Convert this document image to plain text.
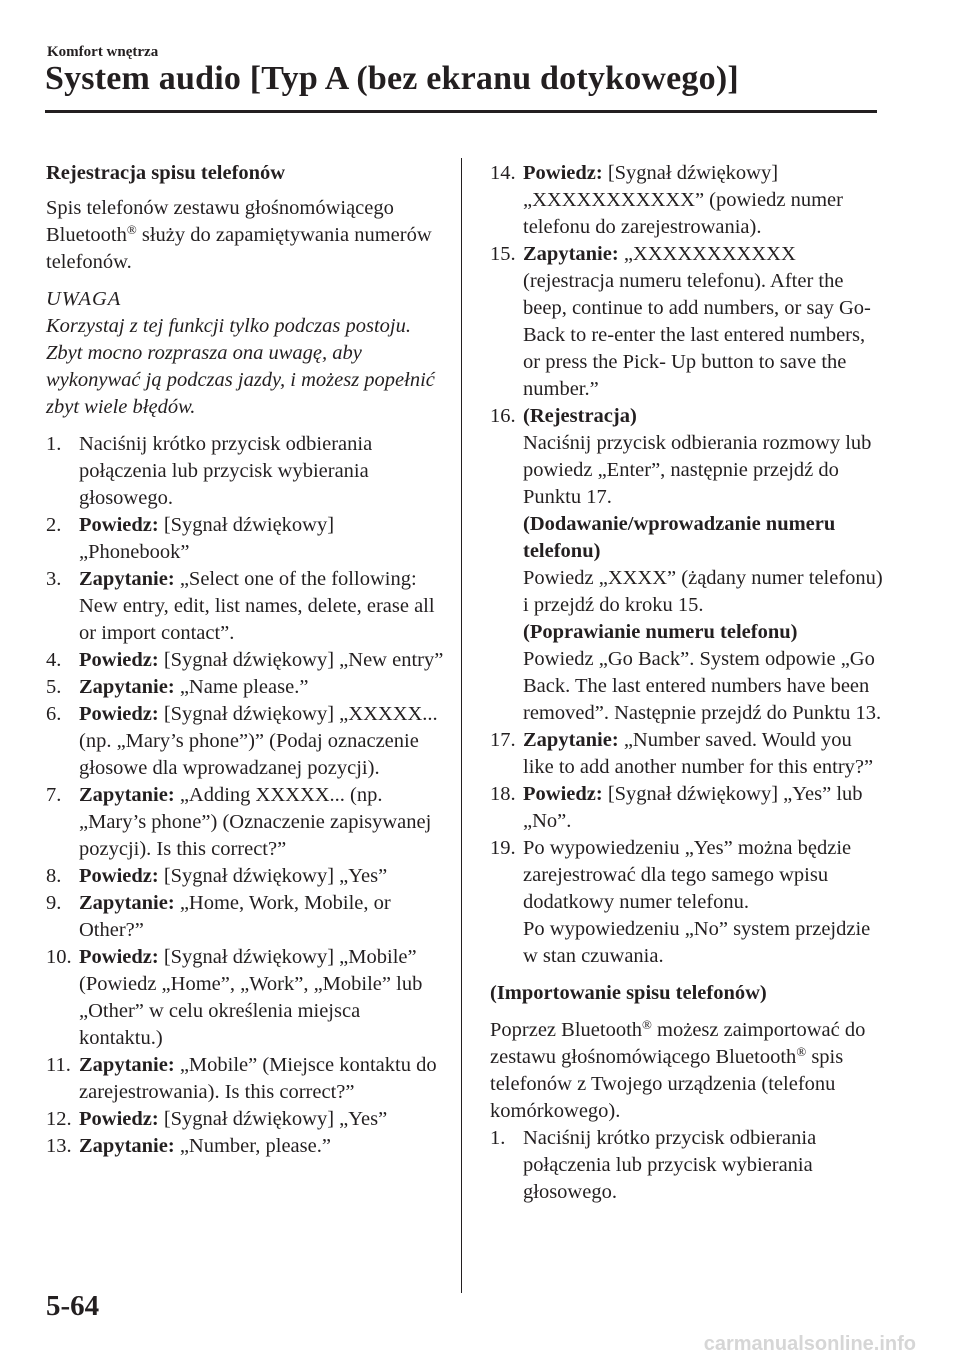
Komfort wnętrza
System audio [Typ A (bez ekranu dotykowego)]

Rejestracja spisu telefonów

Spis telefonów zestawu głośnomówiącego Bluetooth® służy do zapamiętywania numerów telefonów.

UWAGA

Korzystaj z tej funkcji tylko podczas postoju. Zbyt mocno rozprasza ona uwagę, aby wykonywać ją podczas jazdy, i możesz popełnić zbyt wiele błędów.

1. Naciśnij krótko przycisk odbierania połączenia lub przycisk wybierania głosowego.
2. Powiedz: [Sygnał dźwiękowy] „Phonebook”
3. Zapytanie: „Select one of the following: New entry, edit, list names, delete, erase all or import contact”.
4. Powiedz: [Sygnał dźwiękowy] „New entry”
5. Zapytanie: „Name please.”
6. Powiedz: [Sygnał dźwiękowy] „XXXXX... (np. „Mary’s phone”)” (Podaj oznaczenie głosowe dla wprowadzanej pozycji).
7. Zapytanie: „Adding XXXXX... (np. „Mary’s phone”) (Oznaczenie zapisywanej pozycji). Is this correct?”
8. Powiedz: [Sygnał dźwiękowy] „Yes”
9. Zapytanie: „Home, Work, Mobile, or Other?”
10. Powiedz: [Sygnał dźwiękowy] „Mobile” (Powiedz „Home”, „Work”, „Mobile” lub „Other” w celu określenia miejsca kontaktu.)
11. Zapytanie: „Mobile” (Miejsce kontaktu do zarejestrowania). Is this correct?”
12. Powiedz: [Sygnał dźwiękowy] „Yes”
13. Zapytanie: „Number, please.”
14. Powiedz: [Sygnał dźwiękowy] „XXXXXXXXXXX” (powiedz numer telefonu do zarejestrowania).
15. Zapytanie: „XXXXXXXXXXX (rejestracja numeru telefonu). After the beep, continue to add numbers, or say Go-Back to re-enter the last entered numbers, or press the Pick- Up button to save the number.”
16. (Rejestracja)
Naciśnij przycisk odbierania rozmowy lub powiedz „Enter”, następnie przejdź do Punktu 17.
(Dodawanie/wprowadzanie numeru telefonu)
Powiedz „XXXX” (żądany numer telefonu) i przejdź do kroku 15.
(Poprawianie numeru telefonu)
Powiedz „Go Back”. System odpowie „Go Back. The last entered numbers have been removed”. Następnie przejdź do Punktu 13.
17. Zapytanie: „Number saved. Would you like to add another number for this entry?”
18. Powiedz: [Sygnał dźwiękowy] „Yes” lub „No”.
19. Po wypowiedzeniu „Yes” można będzie zarejestrować dla tego samego wpisu dodatkowy numer telefonu.
Po wypowiedzeniu „No” system przejdzie w stan czuwania.

(Importowanie spisu telefonów)

Poprzez Bluetooth® możesz zaimportować do zestawu głośnomówiącego Bluetooth® spis telefonów z Twojego urządzenia (telefonu komórkowego).

1. Naciśnij krótko przycisk odbierania połączenia lub przycisk wybierania głosowego.
5-64
carmanualsonline.info
